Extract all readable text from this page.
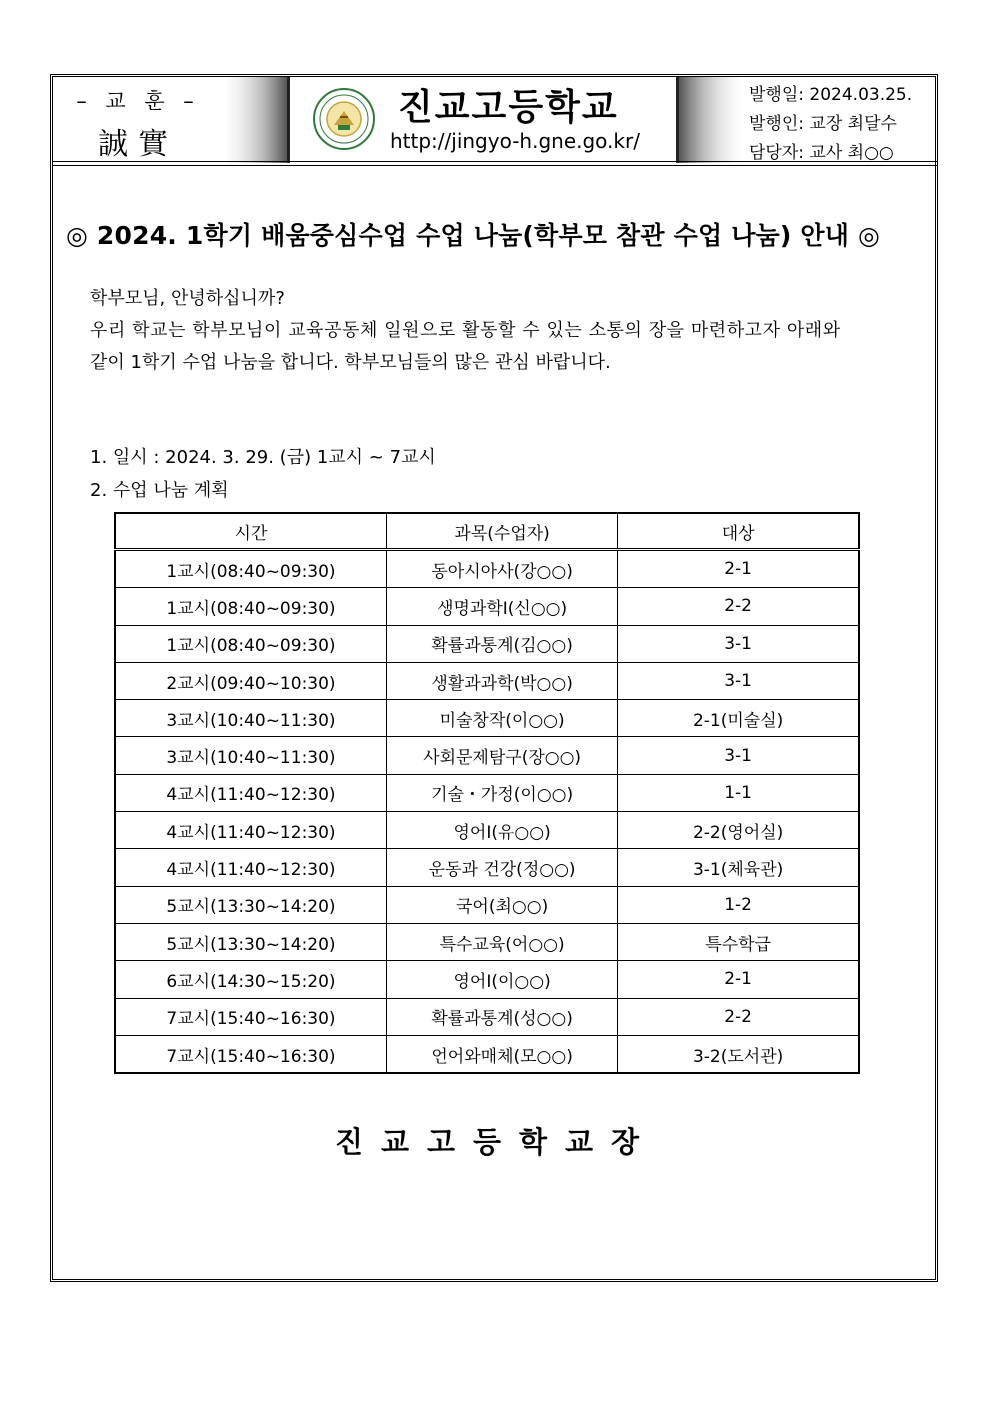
– 교 훈 –
誠實
진교고등학교
http://jingyo-h.gne.go.kr/
발행일: 2024.03.25.
발행인: 교장 최달수
담당자: 교사 최○○
◎ 2024. 1학기 배움중심수업 수업 나눔(학부모 참관 수업 나눔) 안내 ◎
학부모님, 안녕하십니까?
우리 학교는 학부모님이 교육공동체 일원으로 활동할 수 있는 소통의 장을 마련하고자 아래와
같이 1학기 수업 나눔을 합니다. 학부모님들의 많은 관심 바랍니다.
1. 일시 : 2024. 3. 29. (금) 1교시 ~ 7교시
2. 수업 나눔 계획
시간	과목(수업자)	대상
1교시(08:40~09:30)	동아시아사(강○○)	2-1
1교시(08:40~09:30)	생명과학Ⅰ(신○○)	2-2
1교시(08:40~09:30)	확률과통계(김○○)	3-1
2교시(09:40~10:30)	생활과과학(박○○)	3-1
3교시(10:40~11:30)	미술창작(이○○)	2-1(미술실)
3교시(10:40~11:30)	사회문제탐구(장○○)	3-1
4교시(11:40~12:30)	기술・가정(이○○)	1-1
4교시(11:40~12:30)	영어Ⅰ(유○○)	2-2(영어실)
4교시(11:40~12:30)	운동과 건강(정○○)	3-1(체육관)
5교시(13:30~14:20)	국어(최○○)	1-2
5교시(13:30~14:20)	특수교육(어○○)	특수학급
6교시(14:30~15:20)	영어Ⅰ(이○○)	2-1
7교시(15:40~16:30)	확률과통계(성○○)	2-2
7교시(15:40~16:30)	언어와매체(모○○)	3-2(도서관)
진교고등학교장
